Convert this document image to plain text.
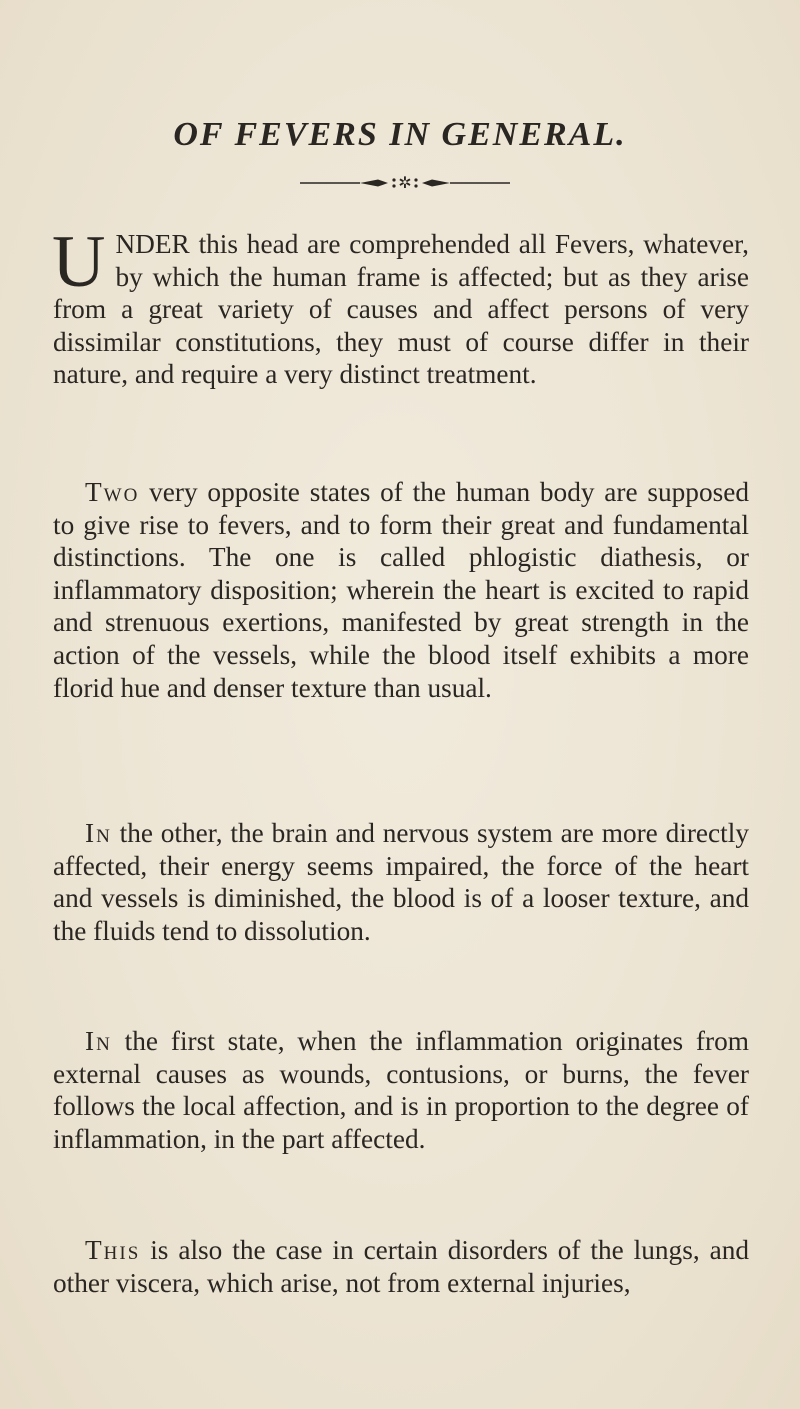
OF FEVERS IN GENERAL.
✲

UNDER this head are comprehended all Fevers, whatever, by which the human frame is affected; but as they arise from a great variety of causes and affect persons of very dissimilar constitutions, they must of course differ in their nature, and require a very distinct treatment.

Two very opposite states of the human body are supposed to give rise to fevers, and to form their great and fundamental distinctions. The one is called phlogistic diathesis, or inflammatory disposition; wherein the heart is excited to rapid and strenuous exertions, manifested by great strength in the action of the vessels, while the blood itself exhibits a more florid hue and denser texture than usual.

In the other, the brain and nervous system are more directly affected, their energy seems impaired, the force of the heart and vessels is diminished, the blood is of a looser texture, and the fluids tend to dissolution.

In the first state, when the inflammation originates from external causes as wounds, contusions, or burns, the fever follows the local affection, and is in proportion to the degree of inflammation, in the part affected.

This is also the case in certain disorders of the lungs, and other viscera, which arise, not from external injuries,
